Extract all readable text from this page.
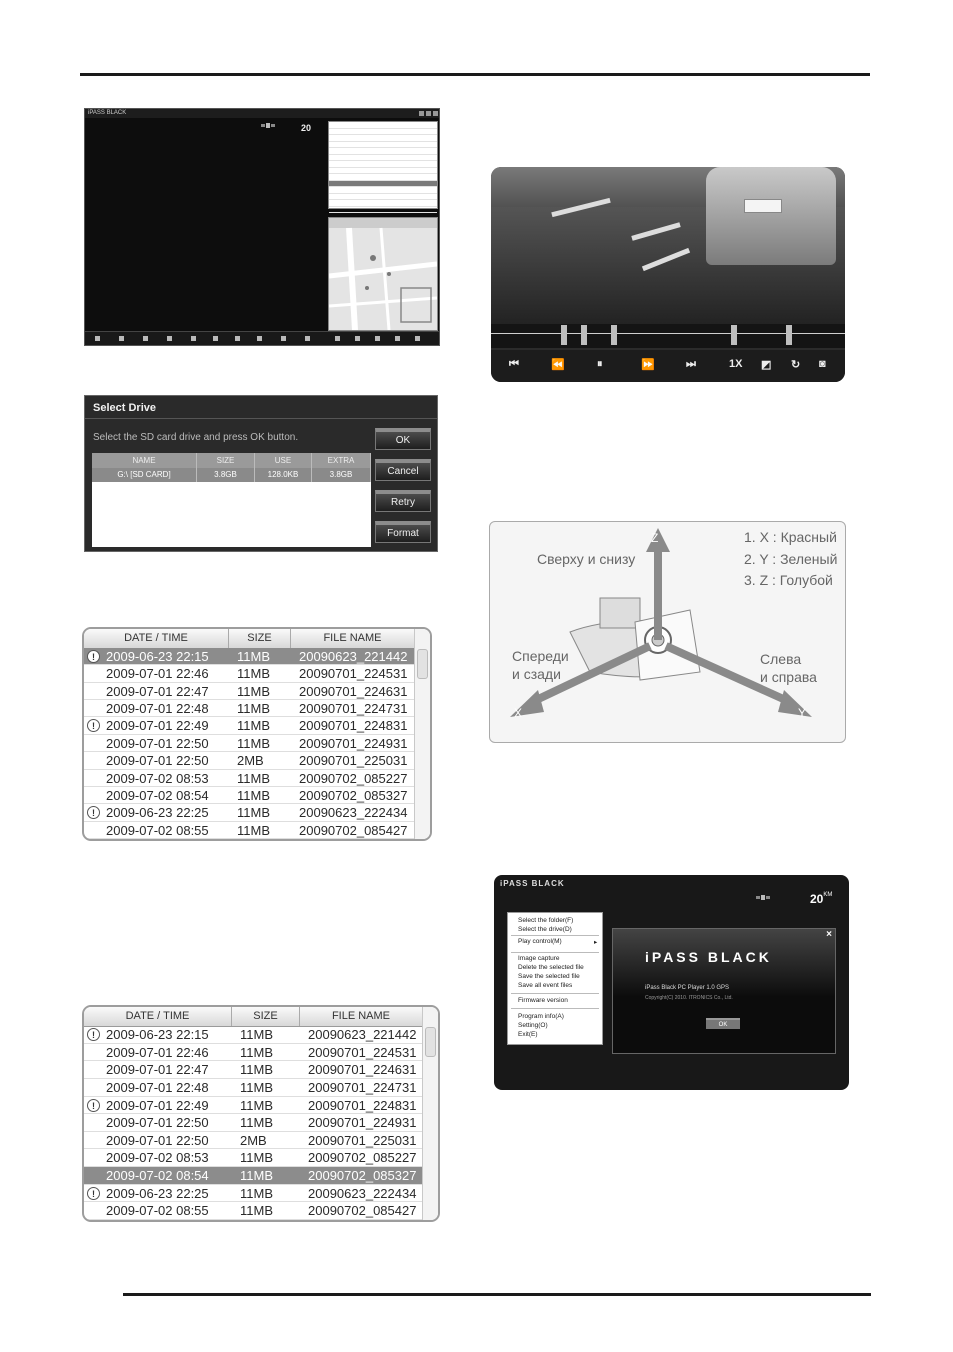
iPASS BLACK
20
Select Drive
Select the SD card drive and press OK button.
NAME	SIZE	USE	EXTRA
G:\ [SD CARD]	3.8GB	128.0KB	3.8GB
OK
Cancel
Retry
Format
DATE / TIME	SIZE	FILE NAME
! 2009-06-23 22:15	11MB	20090623_221442
2009-07-01 22:46	11MB	20090701_224531
2009-07-01 22:47	11MB	20090701_224631
2009-07-01 22:48	11MB	20090701_224731
! 2009-07-01 22:49	11MB	20090701_224831
2009-07-01 22:50	11MB	20090701_224931
2009-07-01 22:50	2MB	20090701_225031
2009-07-02 08:53	11MB	20090702_085227
2009-07-02 08:54	11MB	20090702_085327
! 2009-06-23 22:25	11MB	20090623_222434
2009-07-02 08:55	11MB	20090702_085427
DATE / TIME	SIZE	FILE NAME
! 2009-06-23 22:15	11MB	20090623_221442
2009-07-01 22:46	11MB	20090701_224531
2009-07-01 22:47	11MB	20090701_224631
2009-07-01 22:48	11MB	20090701_224731
! 2009-07-01 22:49	11MB	20090701_224831
2009-07-01 22:50	11MB	20090701_224931
2009-07-01 22:50	2MB	20090701_225031
2009-07-02 08:53	11MB	20090702_085227
2009-07-02 08:54	11MB	20090702_085327
! 2009-06-23 22:25	11MB	20090623_222434
2009-07-02 08:55	11MB	20090702_085427
⏮	⏪	⏸	⏩	⏭	1X ◩ ↻ ◙
Z
X	Y
Сверху и снизу
Спереди
и сзади
Слева
и справа
1. X : Красный
2. Y : Зеленый
3. Z : Голубой
iPASS BLACK
$20^{KM}$
Select the folder(F)
Select the drive(D)
Play control(M)
Image capture
Delete the selected file
Save the selected file
Save all event files
Firmware version
Program info(A)
Setting(O)
Exit(E)
▸
×
iPASS BLACK
iPass Black PC Player 1.0 GPS
Copyright(C) 2010. ITRONICS Co., Ltd.
OK
